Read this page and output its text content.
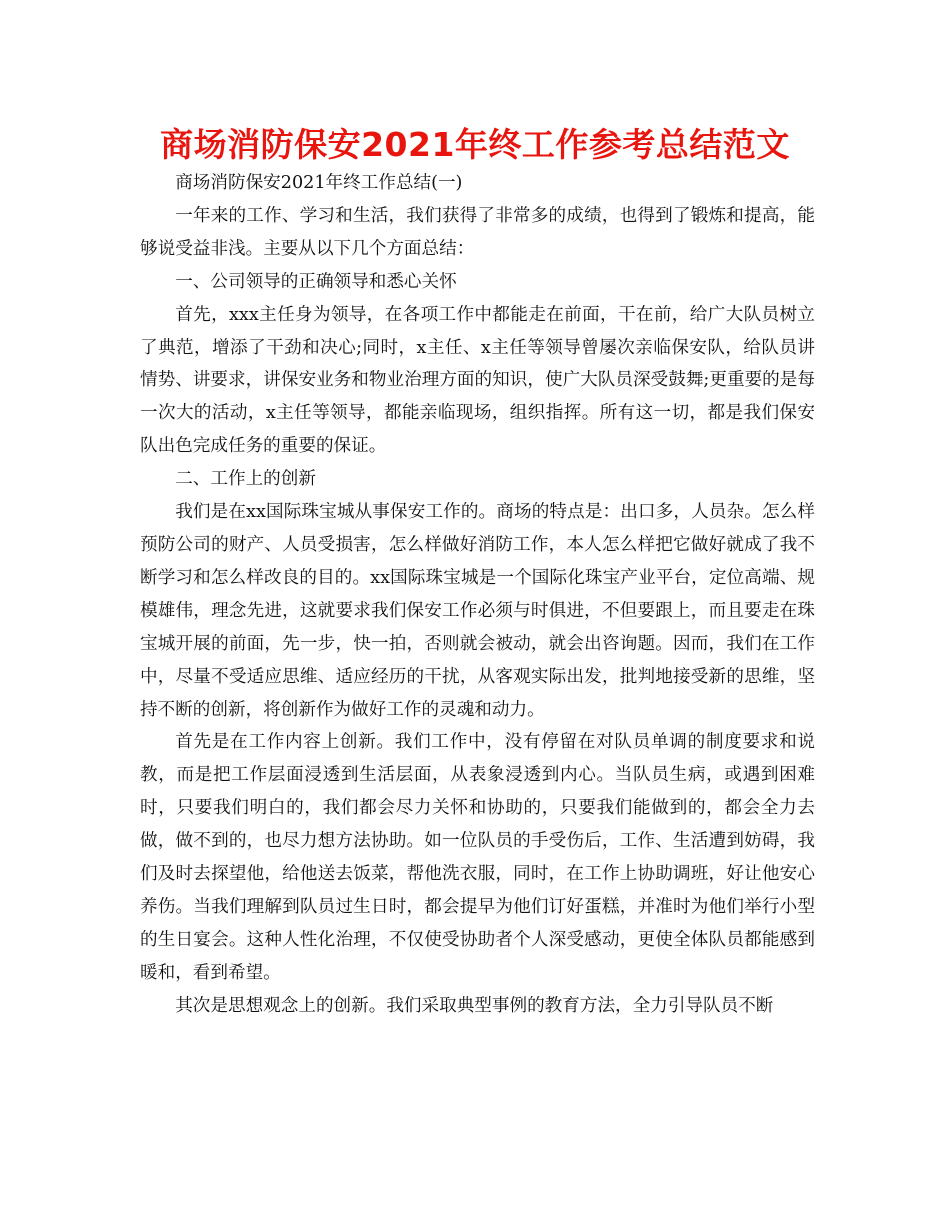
商场消防保安2021年终工作参考总结范文

商场消防保安2021年终工作总结(一)

一年来的工作、学习和生活，我们获得了非常多的成绩，也得到了锻炼和提高，能够说受益非浅。主要从以下几个方面总结：

一、公司领导的正确领导和悉心关怀

首先，xxx主任身为领导，在各项工作中都能走在前面，干在前，给广大队员树立了典范，增添了干劲和决心;同时，x主任、x主任等领导曾屡次亲临保安队，给队员讲情势、讲要求，讲保安业务和物业治理方面的知识，使广大队员深受鼓舞;更重要的是每一次大的活动，x主任等领导，都能亲临现场，组织指挥。所有这一切，都是我们保安队出色完成任务的重要的保证。

二、工作上的创新

我们是在xx国际珠宝城从事保安工作的。商场的特点是：出口多，人员杂。怎么样预防公司的财产、人员受损害，怎么样做好消防工作，本人怎么样把它做好就成了我不断学习和怎么样改良的目的。xx国际珠宝城是一个国际化珠宝产业平台，定位高端、规模雄伟，理念先进，这就要求我们保安工作必须与时俱进，不但要跟上，而且要走在珠宝城开展的前面，先一步，快一拍，否则就会被动，就会出咨询题。因而，我们在工作中，尽量不受适应思维、适应经历的干扰，从客观实际出发，批判地接受新的思维，坚持不断的创新，将创新作为做好工作的灵魂和动力。

首先是在工作内容上创新。我们工作中，没有停留在对队员单调的制度要求和说教，而是把工作层面浸透到生活层面，从表象浸透到内心。当队员生病，或遇到困难时，只要我们明白的，我们都会尽力关怀和协助的，只要我们能做到的，都会全力去做，做不到的，也尽力想方法协助。如一位队员的手受伤后，工作、生活遭到妨碍，我们及时去探望他，给他送去饭菜，帮他洗衣服，同时，在工作上协助调班，好让他安心养伤。当我们理解到队员过生日时，都会提早为他们订好蛋糕，并准时为他们举行小型的生日宴会。这种人性化治理，不仅使受协助者个人深受感动，更使全体队员都能感到暖和，看到希望。

其次是思想观念上的创新。我们采取典型事例的教育方法，全力引导队员不断
